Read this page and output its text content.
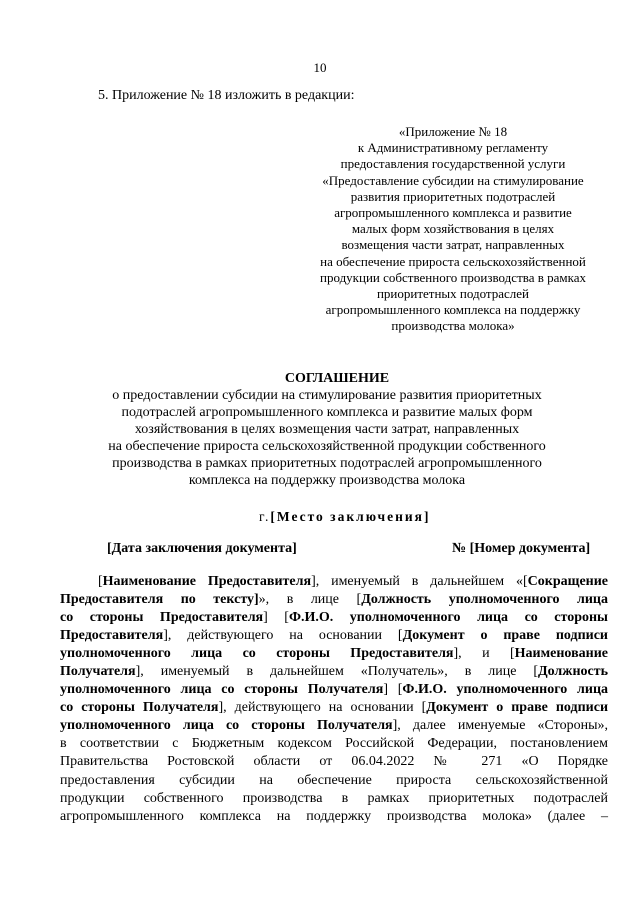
10
5. Приложение № 18 изложить в редакции:
«Приложение № 18
к Административному регламенту
предоставления государственной услуги
«Предоставление субсидии на стимулирование
развития приоритетных подотраслей
агропромышленного комплекса и развитие
малых форм хозяйствования в целях
возмещения части затрат, направленных
на обеспечение прироста сельскохозяйственной
продукции собственного производства в рамках
приоритетных подотраслей
агропромышленного комплекса на поддержку
производства молока»
СОГЛАШЕНИЕ
о предоставлении субсидии на стимулирование развития приоритетных
подотраслей агропромышленного комплекса и развитие малых форм
хозяйствования в целях возмещения части затрат, направленных
на обеспечение прироста сельскохозяйственной продукции собственного
производства в рамках приоритетных подотраслей агропромышленного
комплекса на поддержку производства молока
г.[Место заключения]
[Дата заключения документа]	№ [Номер документа]
[Наименование Предоставителя], именуемый в дальнейшем «[Сокращение
Предоставителя по тексту]», в лице [Должность уполномоченного лица
со стороны Предоставителя] [Ф.И.О. уполномоченного лица со стороны
Предоставителя], действующего на основании [Документ о праве подписи
уполномоченного лица со стороны Предоставителя], и [Наименование
Получателя], именуемый в дальнейшем «Получатель», в лице [Должность
уполномоченного лица со стороны Получателя] [Ф.И.О. уполномоченного лица
со стороны Получателя], действующего на основании [Документ о праве подписи
уполномоченного лица со стороны Получателя], далее именуемые «Стороны»,
в соответствии с Бюджетным кодексом Российской Федерации, постановлением
Правительства Ростовской области от 06.04.2022 № 271 «О Порядке
предоставления субсидии на обеспечение прироста сельскохозяйственной
продукции собственного производства в рамках приоритетных подотраслей
агропромышленного комплекса на поддержку производства молока» (далее –
